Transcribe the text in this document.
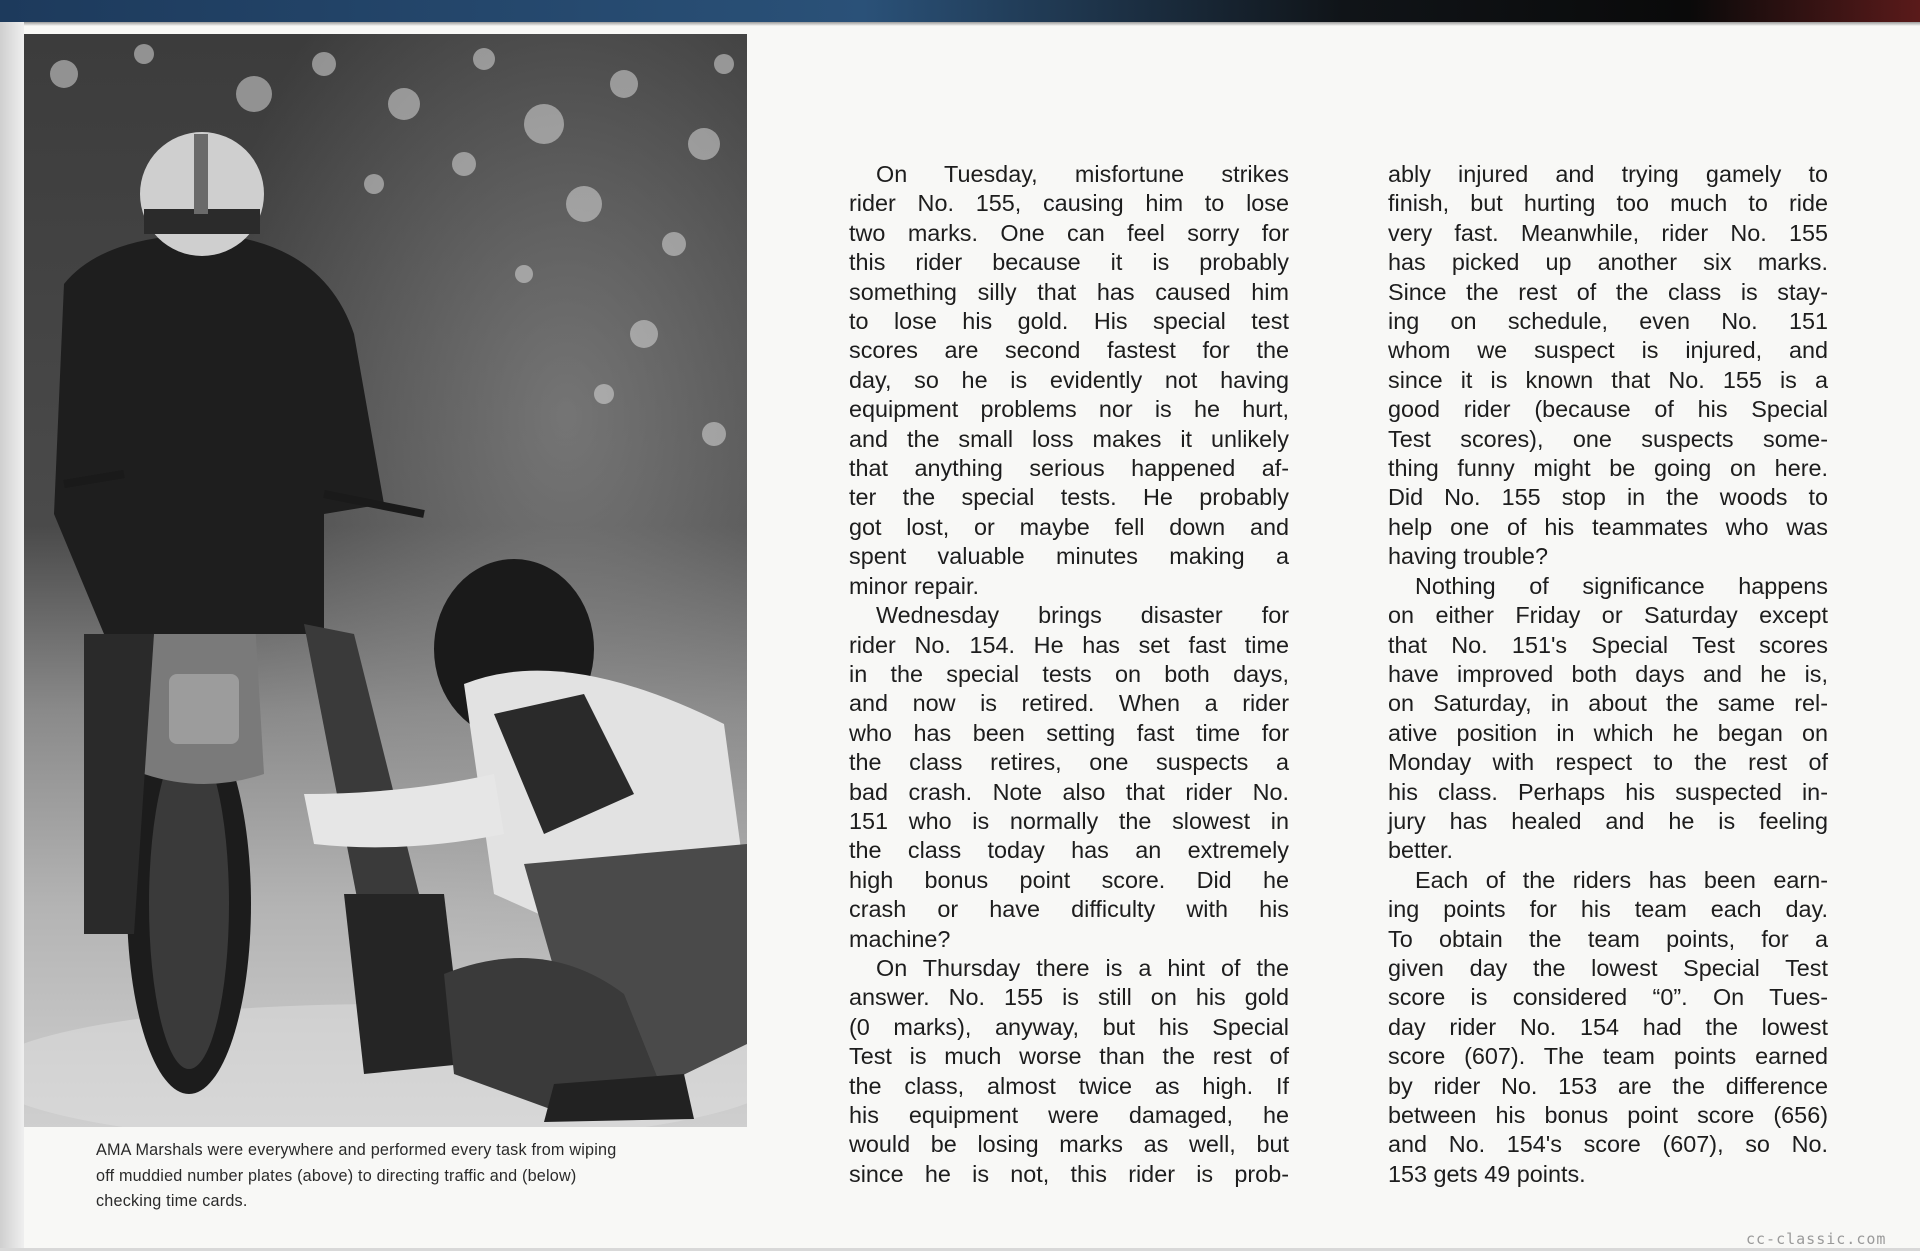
AMA Marshals were everywhere and performed every task from wiping
off muddied number plates (above) to directing traffic and (below)
checking time cards.
On Tuesday, misfortune strikes
rider No. 155, causing him to lose
two marks. One can feel sorry for
this rider because it is probably
something silly that has caused him
to lose his gold. His special test
scores are second fastest for the
day, so he is evidently not having
equipment problems nor is he hurt,
and the small loss makes it unlikely
that anything serious happened af-
ter the special tests. He probably
got lost, or maybe fell down and
spent valuable minutes making a
minor repair.
Wednesday brings disaster for
rider No. 154. He has set fast time
in the special tests on both days,
and now is retired. When a rider
who has been setting fast time for
the class retires, one suspects a
bad crash. Note also that rider No.
151 who is normally the slowest in
the class today has an extremely
high bonus point score. Did he
crash or have difficulty with his
machine?
On Thursday there is a hint of the
answer. No. 155 is still on his gold
(0 marks), anyway, but his Special
Test is much worse than the rest of
the class, almost twice as high. If
his equipment were damaged, he
would be losing marks as well, but
since he is not, this rider is prob-
ably injured and trying gamely to
finish, but hurting too much to ride
very fast. Meanwhile, rider No. 155
has picked up another six marks.
Since the rest of the class is stay-
ing on schedule, even No. 151
whom we suspect is injured, and
since it is known that No. 155 is a
good rider (because of his Special
Test scores), one suspects some-
thing funny might be going on here.
Did No. 155 stop in the woods to
help one of his teammates who was
having trouble?
Nothing of significance happens
on either Friday or Saturday except
that No. 151's Special Test scores
have improved both days and he is,
on Saturday, in about the same rel-
ative position in which he began on
Monday with respect to the rest of
his class. Perhaps his suspected in-
jury has healed and he is feeling
better.
Each of the riders has been earn-
ing points for his team each day.
To obtain the team points, for a
given day the lowest Special Test
score is considered “0”. On Tues-
day rider No. 154 had the lowest
score (607). The team points earned
by rider No. 153 are the difference
between his bonus point score (656)
and No. 154's score (607), so No.
153 gets 49 points.
cc-classic.com
